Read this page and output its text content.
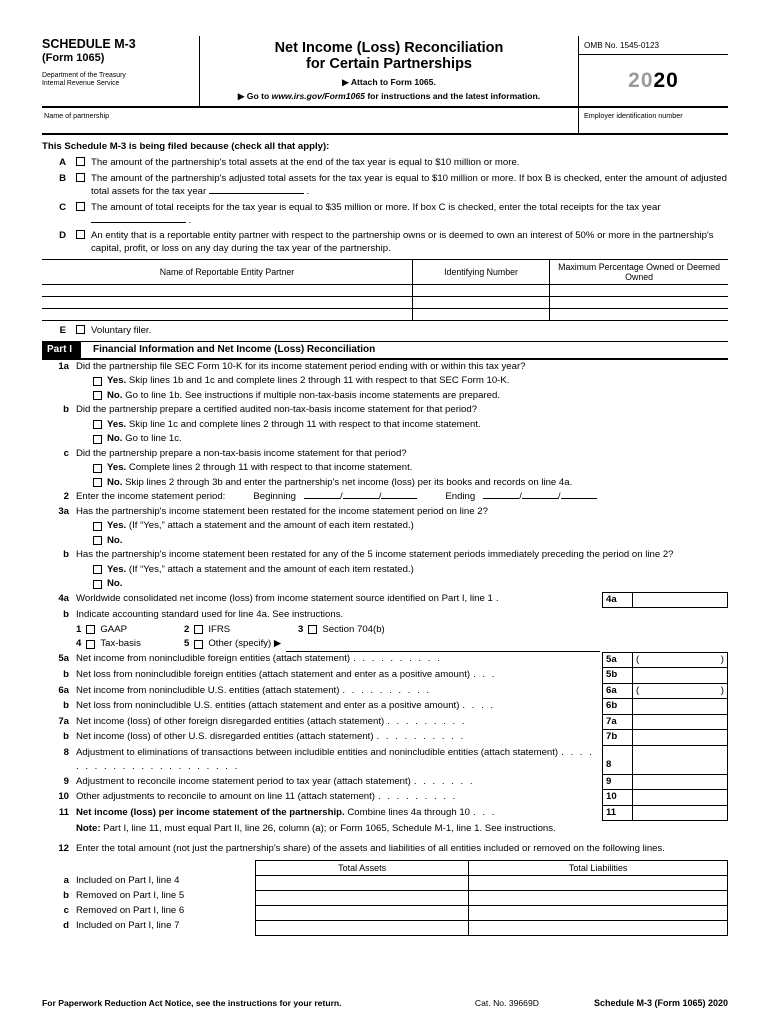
SCHEDULE M-3
(Form 1065)
Department of the Treasury
Internal Revenue Service
Net Income (Loss) Reconciliation
for Certain Partnerships
▶ Attach to Form 1065.
▶ Go to www.irs.gov/Form1065 for instructions and the latest information.
OMB No. 1545-0123
20 20
Name of partnership	Employer identification number
This Schedule M-3 is being filed because (check all that apply):
A	The amount of the partnership's total assets at the end of the tax year is equal to $10 million or more.
B	The amount of the partnership's adjusted total assets for the tax year is equal to $10 million or more. If box B is checked, enter the amount of adjusted total assets for the tax year	.
C	The amount of total receipts for the tax year is equal to $35 million or more. If box C is checked, enter the total receipts for the tax year  .
D	An entity that is a reportable entity partner with respect to the partnership owns or is deemed to own an interest of 50% or more in the partnership's capital, profit, or loss on any day during the tax year of the partnership.
Name of Reportable Entity Partner	Identifying Number	Maximum Percentage Owned or Deemed Owned

E	Voluntary filer.
Part I	Financial Information and Net Income (Loss) Reconciliation
1a Did the partnership file SEC Form 10-K for its income statement period ending with or within this tax year?
Yes. Skip lines 1b and 1c and complete lines 2 through 11 with respect to that SEC Form 10-K.
No. Go to line 1b. See instructions if multiple non-tax-basis income statements are prepared.
b Did the partnership prepare a certified audited non-tax-basis income statement for that period?
Yes. Skip line 1c and complete lines 2 through 11 with respect to that income statement.
No. Go to line 1c.
c Did the partnership prepare a non-tax-basis income statement for that period?
Yes. Complete lines 2 through 11 with respect to that income statement.
No. Skip lines 2 through 3b and enter the partnership's net income (loss) per its books and records on line 4a.
2 Enter the income statement period:	Beginning	/	/	Ending	/	/
3a Has the partnership's income statement been restated for the income statement period on line 2?
Yes. (If “Yes,” attach a statement and the amount of each item restated.)
No.
b Has the partnership's income statement been restated for any of the 5 income statement periods immediately preceding the period on line 2?
Yes. (If “Yes,” attach a statement and the amount of each item restated.)
No.
4a Worldwide consolidated net income (loss) from income statement source identified on Part I, line 1 .	4a
b Indicate accounting standard used for line 4a. See instructions.
1 GAAP	2 IFRS	3 Section 704(b)
4 Tax-basis	5 Other (specify) ▶
5a Net income from nonincludible foreign entities (attach statement) . . . . . . . . . .	5a (	)
b Net loss from nonincludible foreign entities (attach statement and enter as a positive amount) . . .	5b
6a Net income from nonincludible U.S. entities (attach statement) . . . . . . . . . .	6a (	)
b Net loss from nonincludible U.S. entities (attach statement and enter as a positive amount) . . . .	6b
7a Net income (loss) of other foreign disregarded entities (attach statement) . . . . . . . . .	7a
b Net income (loss) of other U.S. disregarded entities (attach statement) . . . . . . . . . .	7b
8 Adjustment to eliminations of transactions between includible entities and nonincludible entities (attach statement) . . . . . . . . . . . . . . . . . . . . . .	8
9 Adjustment to reconcile income statement period to tax year (attach statement) . . . . . . .	9
10 Other adjustments to reconcile to amount on line 11 (attach statement) . . . . . . . . .	10
11 Net income (loss) per income statement of the partnership. Combine lines 4a through 10 . . .	11
Note: Part I, line 11, must equal Part II, line 26, column (a); or Form 1065, Schedule M-1, line 1. See instructions.
12 Enter the total amount (not just the partnership's share) of the assets and liabilities of all entities included or removed on the following lines.
a Included on Part I, line 4
b Removed on Part I, line 5
c Removed on Part I, line 6
d Included on Part I, line 7
Total Assets	Total Liabilities

For Paperwork Reduction Act Notice, see the instructions for your return.	Cat. No. 39669D	Schedule M-3 (Form 1065) 2020
